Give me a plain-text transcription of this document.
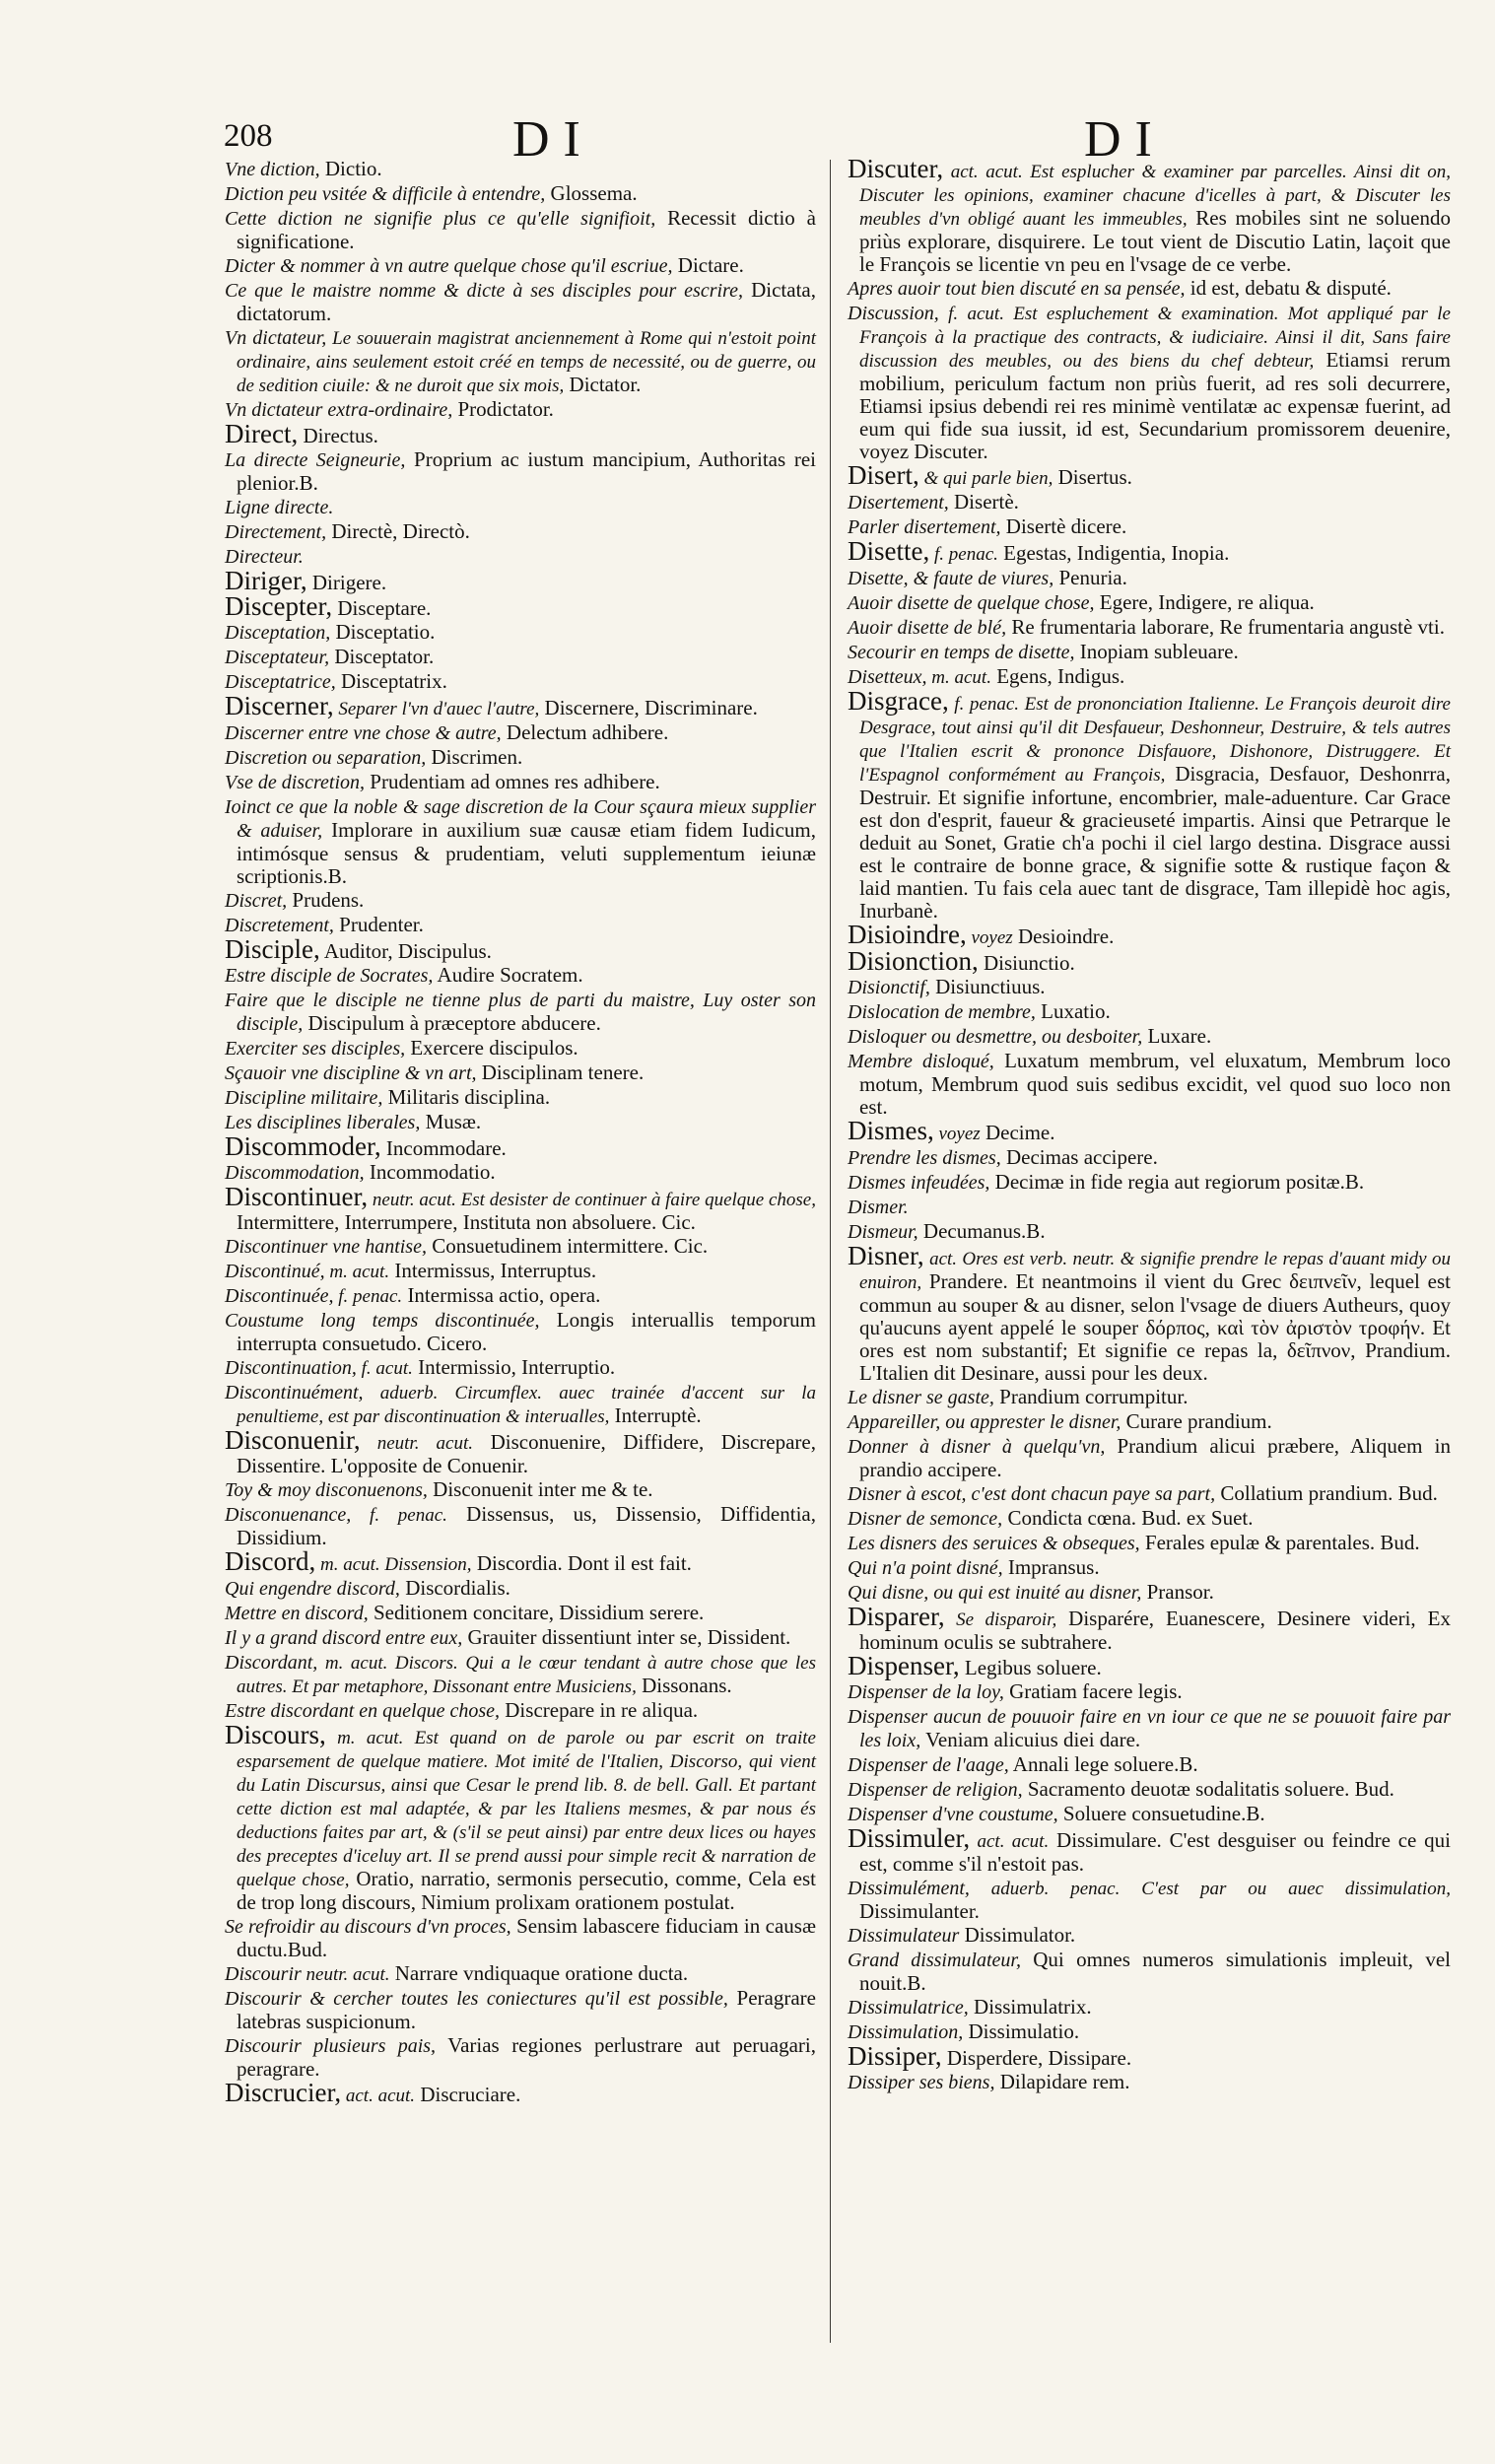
208	DI	DI

Vne diction, Dictio.

Diction peu vsitée & difficile à entendre, Glossema.

Cette diction ne signifie plus ce qu'elle signifioit, Recessit dictio à significatione.

Dicter & nommer à vn autre quelque chose qu'il escriue, Dictare.

Ce que le maistre nomme & dicte à ses disciples pour escrire, Dictata, dictatorum.

Vn dictateur, Le souuerain magistrat anciennement à Rome qui n'estoit point ordinaire, ains seulement estoit créé en temps de necessité, ou de guerre, ou de sedition ciuile: & ne duroit que six mois, Dictator.

Vn dictateur extra-ordinaire, Prodictator.

Direct, Directus.

La directe Seigneurie, Proprium ac iustum mancipium, Authoritas rei plenior.B.

Ligne directe.

Directement, Directè, Directò.

Directeur.

Diriger, Dirigere.

Discepter, Disceptare.

Disceptation, Disceptatio.

Disceptateur, Disceptator.

Disceptatrice, Disceptatrix.

Discerner, Separer l'vn d'auec l'autre, Discernere, Discriminare.

Discerner entre vne chose & autre, Delectum adhibere.

Discretion ou separation, Discrimen.

Vse de discretion, Prudentiam ad omnes res adhibere.

Ioinct ce que la noble & sage discretion de la Cour sçaura mieux supplier & aduiser, Implorare in auxilium suæ causæ etiam fidem Iudicum, intimósque sensus & prudentiam, veluti supplementum ieiunæ scriptionis.B.

Discret, Prudens.

Discretement, Prudenter.

Disciple, Auditor, Discipulus.

Estre disciple de Socrates, Audire Socratem.

Faire que le disciple ne tienne plus de parti du maistre, Luy oster son disciple, Discipulum à præceptore abducere.

Exerciter ses disciples, Exercere discipulos.

Sçauoir vne discipline & vn art, Disciplinam tenere.

Discipline militaire, Militaris disciplina.

Les disciplines liberales, Musæ.

Discommoder, Incommodare.

Discommodation, Incommodatio.

Discontinuer, neutr. acut. Est desister de continuer à faire quelque chose, Intermittere, Interrumpere, Instituta non absoluere. Cic.

Discontinuer vne hantise, Consuetudinem intermittere. Cic.

Discontinué, m. acut. Intermissus, Interruptus.

Discontinuée, f. penac. Intermissa actio, opera.

Coustume long temps discontinuée, Longis interuallis temporum interrupta consuetudo. Cicero.

Discontinuation, f. acut. Intermissio, Interruptio.

Discontinuément, aduerb. Circumflex. auec trainée d'accent sur la penultieme, est par discontinuation & interualles, Interruptè.

Disconuenir, neutr. acut. Disconuenire, Diffidere, Discrepare, Dissentire. L'opposite de Conuenir.

Toy & moy disconuenons, Disconuenit inter me & te.

Disconuenance, f. penac. Dissensus, us, Dissensio, Diffidentia, Dissidium.

Discord, m. acut. Dissension, Discordia. Dont il est fait.

Qui engendre discord, Discordialis.

Mettre en discord, Seditionem concitare, Dissidium serere.

Il y a grand discord entre eux, Grauiter dissentiunt inter se, Dissident.

Discordant, m. acut. Discors. Qui a le cœur tendant à autre chose que les autres. Et par metaphore, Dissonant entre Musiciens, Dissonans.

Estre discordant en quelque chose, Discrepare in re aliqua.

Discours, m. acut. Est quand on de parole ou par escrit on traite esparsement de quelque matiere. Mot imité de l'Italien, Discorso, qui vient du Latin Discursus, ainsi que Cesar le prend lib. 8. de bell. Gall. Et partant cette diction est mal adaptée, & par les Italiens mesmes, & par nous és deductions faites par art, & (s'il se peut ainsi) par entre deux lices ou hayes des preceptes d'iceluy art. Il se prend aussi pour simple recit & narration de quelque chose, Oratio, narratio, sermonis persecutio, comme, Cela est de trop long discours, Nimium prolixam orationem postulat.

Se refroidir au discours d'vn proces, Sensim labascere fiduciam in causæ ductu.Bud.

Discourir neutr. acut. Narrare vndiquaque oratione ducta.

Discourir & cercher toutes les coniectures qu'il est possible, Peragrare latebras suspicionum.

Discourir plusieurs pais, Varias regiones perlustrare aut peruagari, peragrare.

Discrucier, act. acut. Discruciare.

Discuter, act. acut. Est esplucher & examiner par parcelles. Ainsi dit on, Discuter les opinions, examiner chacune d'icelles à part, & Discuter les meubles d'vn obligé auant les immeubles, Res mobiles sint ne soluendo priùs explorare, disquirere. Le tout vient de Discutio Latin, laçoit que le François se licentie vn peu en l'vsage de ce verbe.

Apres auoir tout bien discuté en sa pensée, id est, debatu & disputé.

Discussion, f. acut. Est espluchement & examination. Mot appliqué par le François à la practique des contracts, & iudiciaire. Ainsi il dit, Sans faire discussion des meubles, ou des biens du chef debteur, Etiamsi rerum mobilium, periculum factum non priùs fuerit, ad res soli decurrere, Etiamsi ipsius debendi rei res minimè ventilatæ ac expensæ fuerint, ad eum qui fide sua iussit, id est, Secundarium promissorem deuenire, voyez Discuter.

Disert, & qui parle bien, Disertus.

Disertement, Disertè.

Parler disertement, Disertè dicere.

Disette, f. penac. Egestas, Indigentia, Inopia.

Disette, & faute de viures, Penuria.

Auoir disette de quelque chose, Egere, Indigere, re aliqua.

Auoir disette de blé, Re frumentaria laborare, Re frumentaria angustè vti.

Secourir en temps de disette, Inopiam subleuare.

Disetteux, m. acut. Egens, Indigus.

Disgrace, f. penac. Est de prononciation Italienne. Le François deuroit dire Desgrace, tout ainsi qu'il dit Desfaueur, Deshonneur, Destruire, & tels autres que l'Italien escrit & prononce Disfauore, Dishonore, Distruggere. Et l'Espagnol conformément au François, Disgracia, Desfauor, Deshonrra, Destruir. Et signifie infortune, encombrier, male-aduenture. Car Grace est don d'esprit, faueur & gracieuseté impartis. Ainsi que Petrarque le deduit au Sonet, Gratie ch'a pochi il ciel largo destina. Disgrace aussi est le contraire de bonne grace, & signifie sotte & rustique façon & laid mantien. Tu fais cela auec tant de disgrace, Tam illepidè hoc agis, Inurbanè.

Disioindre, voyez Desioindre.

Disionction, Disiunctio.

Disionctif, Disiunctiuus.

Dislocation de membre, Luxatio.

Disloquer ou desmettre, ou desboiter, Luxare.

Membre disloqué, Luxatum membrum, vel eluxatum, Membrum loco motum, Membrum quod suis sedibus excidit, vel quod suo loco non est.

Dismes, voyez Decime.

Prendre les dismes, Decimas accipere.

Dismes infeudées, Decimæ in fide regia aut regiorum positæ.B.

Dismer.

Dismeur, Decumanus.B.

Disner, act. Ores est verb. neutr. & signifie prendre le repas d'auant midy ou enuiron, Prandere. Et neantmoins il vient du Grec δειπνεῖν, lequel est commun au souper & au disner, selon l'vsage de diuers Autheurs, quoy qu'aucuns ayent appelé le souper δόρπος, καὶ τὸν ἀριστὸν τροφήν. Et ores est nom substantif; Et signifie ce repas la, δεῖπνον, Prandium. L'Italien dit Desinare, aussi pour les deux.

Le disner se gaste, Prandium corrumpitur.

Appareiller, ou apprester le disner, Curare prandium.

Donner à disner à quelqu'vn, Prandium alicui præbere, Aliquem in prandio accipere.

Disner à escot, c'est dont chacun paye sa part, Collatium prandium. Bud.

Disner de semonce, Condicta cœna. Bud. ex Suet.

Les disners des seruices & obseques, Ferales epulæ & parentales. Bud.

Qui n'a point disné, Impransus.

Qui disne, ou qui est inuité au disner, Pransor.

Disparer, Se disparoir, Disparére, Euanescere, Desinere videri, Ex hominum oculis se subtrahere.

Dispenser, Legibus soluere.

Dispenser de la loy, Gratiam facere legis.

Dispenser aucun de pouuoir faire en vn iour ce que ne se pouuoit faire par les loix, Veniam alicuius diei dare.

Dispenser de l'aage, Annali lege soluere.B.

Dispenser de religion, Sacramento deuotæ sodalitatis soluere. Bud.

Dispenser d'vne coustume, Soluere consuetudine.B.

Dissimuler, act. acut. Dissimulare. C'est desguiser ou feindre ce qui est, comme s'il n'estoit pas.

Dissimulément, aduerb. penac. C'est par ou auec dissimulation, Dissimulanter.

Dissimulateur Dissimulator.

Grand dissimulateur, Qui omnes numeros simulationis impleuit, vel nouit.B.

Dissimulatrice, Dissimulatrix.

Dissimulation, Dissimulatio.

Dissiper, Disperdere, Dissipare.

Dissiper ses biens, Dilapidare rem.
